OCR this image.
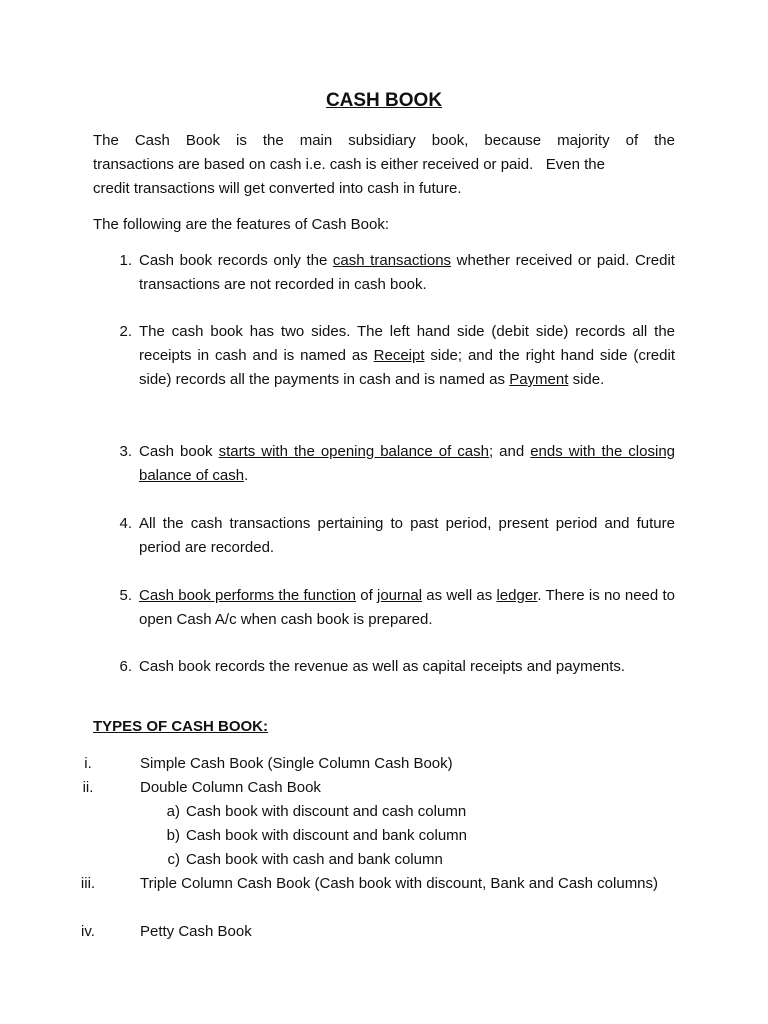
CASH BOOK
The Cash Book is the main subsidiary book, because majority of the
transactions are based on cash i.e. cash is either received or paid.   Even the
credit transactions will get converted into cash in future.
The following are the features of Cash Book:
1. Cash book records only the cash transactions whether received or paid. Credit transactions are not recorded in cash book.
2. The cash book has two sides. The left hand side (debit side) records all the receipts in cash and is named as Receipt side; and the right hand side (credit side) records all the payments in cash and is named as Payment side.
3. Cash book starts with the opening balance of cash; and ends with the closing balance of cash.
4. All the cash transactions pertaining to past period, present period and future period are recorded.
5. Cash book performs the function of journal as well as ledger. There is no need to open Cash A/c when cash book is prepared.
6. Cash book records the revenue as well as capital receipts and payments.
TYPES OF CASH BOOK:
i.	Simple Cash Book (Single Column Cash Book)
ii.	Double Column Cash Book
a) Cash book with discount and cash column
b) Cash book with discount and bank column
c) Cash book with cash and bank column
iii.	Triple Column Cash Book (Cash book with discount, Bank and Cash columns)
iv.	Petty Cash Book
